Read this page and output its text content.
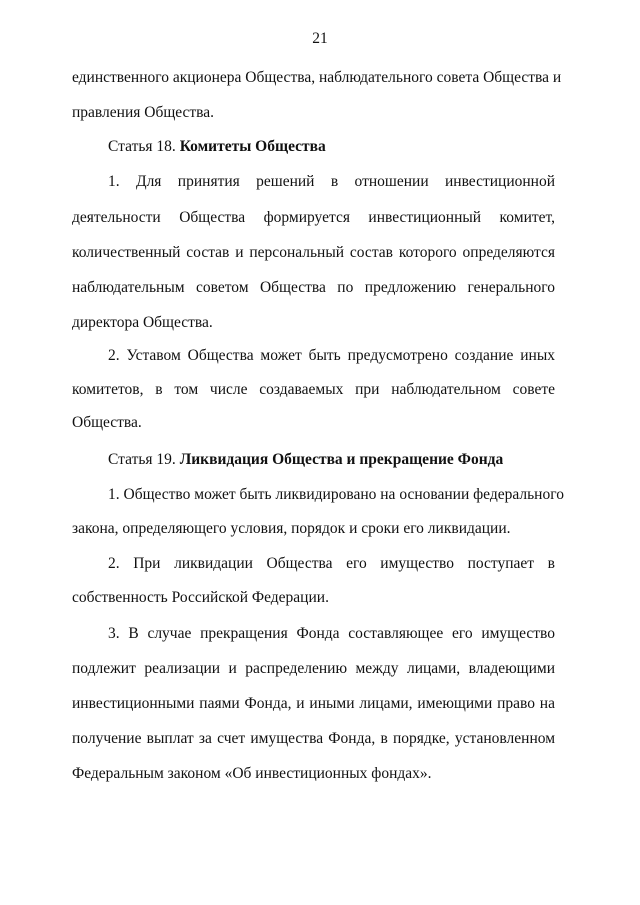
21
единственного акционера Общества, наблюдательного совета Общества и
правления Общества.
Статья 18. Комитеты Общества
1. Для принятия решений в отношении инвестиционной
деятельности Общества формируется инвестиционный комитет,
количественный состав и персональный состав которого определяются
наблюдательным советом Общества по предложению генерального
директора Общества.
2. Уставом Общества может быть предусмотрено создание иных
комитетов, в том числе создаваемых при наблюдательном совете
Общества.
Статья 19. Ликвидация Общества и прекращение Фонда
1. Общество может быть ликвидировано на основании федерального
закона, определяющего условия, порядок и сроки его ликвидации.
2. При ликвидации Общества его имущество поступает в
собственность Российской Федерации.
3. В случае прекращения Фонда составляющее его имущество
подлежит реализации и распределению между лицами, владеющими
инвестиционными паями Фонда, и иными лицами, имеющими право на
получение выплат за счет имущества Фонда, в порядке, установленном
Федеральным законом «Об инвестиционных фондах».
